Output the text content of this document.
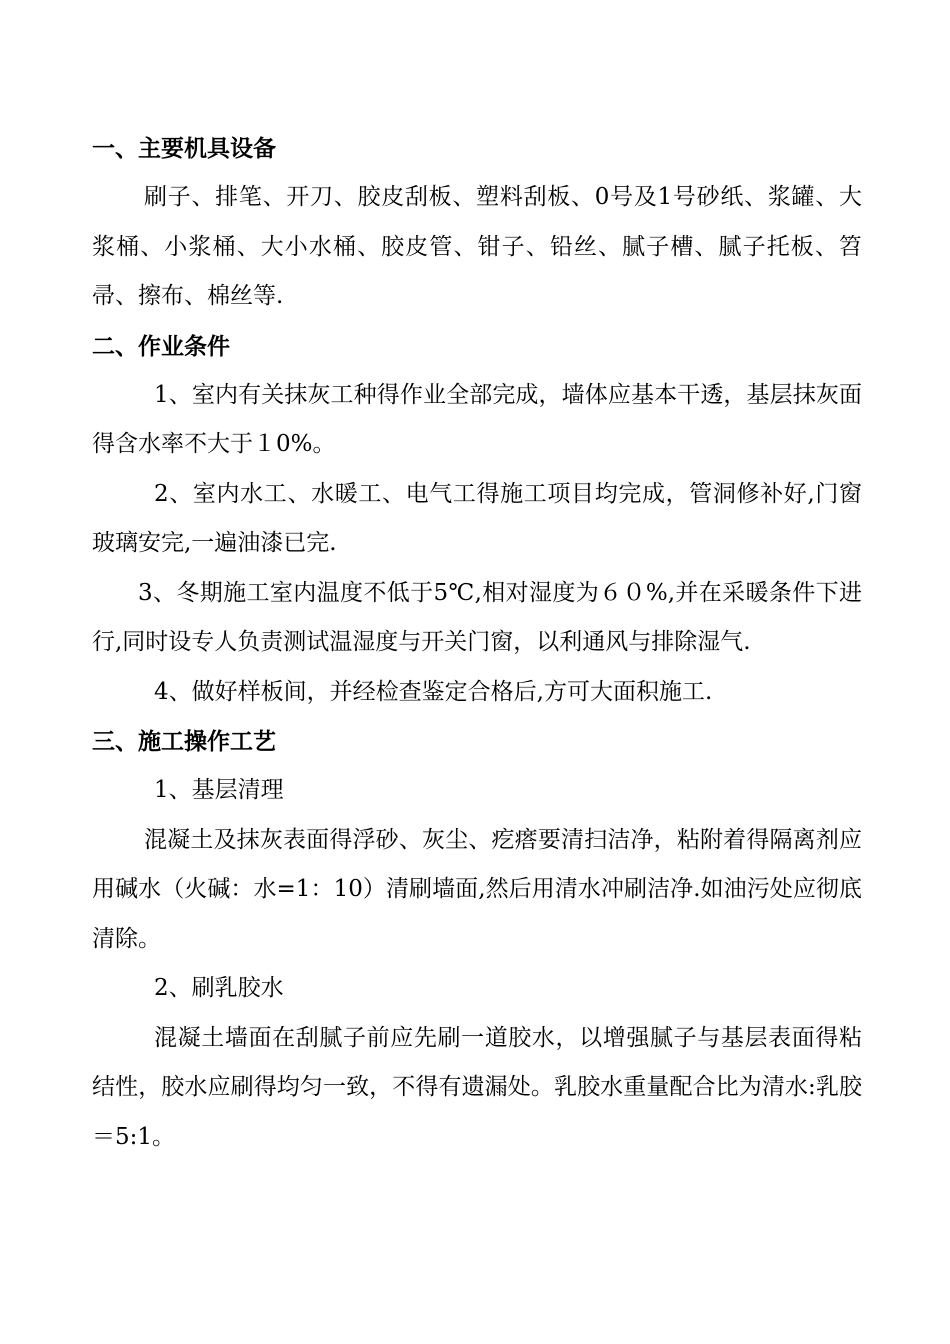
一、主要机具设备

刷子、排笔、开刀、胶皮刮板、塑料刮板、0号及1号砂纸、浆罐、大浆桶、小浆桶、大小水桶、胶皮管、钳子、铅丝、腻子槽、腻子托板、笤帚、擦布、棉丝等.

二、作业条件

1、室内有关抹灰工种得作业全部完成，墙体应基本干透，基层抹灰面得含水率不大于１0%。

2、室内水工、水暖工、电气工得施工项目均完成，管洞修补好,门窗玻璃安完,一遍油漆已完.

3、冬期施工室内温度不低于5℃,相对湿度为６０%,并在采暖条件下进行,同时设专人负责测试温湿度与开关门窗，以利通风与排除湿气.

4、做好样板间，并经检查鉴定合格后,方可大面积施工.

三、施工操作工艺

1、基层清理

混凝土及抹灰表面得浮砂、灰尘、疙瘩要清扫洁净，粘附着得隔离剂应用碱水（火碱：水=1：10）清刷墙面,然后用清水冲刷洁净.如油污处应彻底清除。

2、刷乳胶水

混凝土墙面在刮腻子前应先刷一道胶水，以增强腻子与基层表面得粘结性，胶水应刷得均匀一致，不得有遗漏处。乳胶水重量配合比为清水:乳胶＝5:1。
